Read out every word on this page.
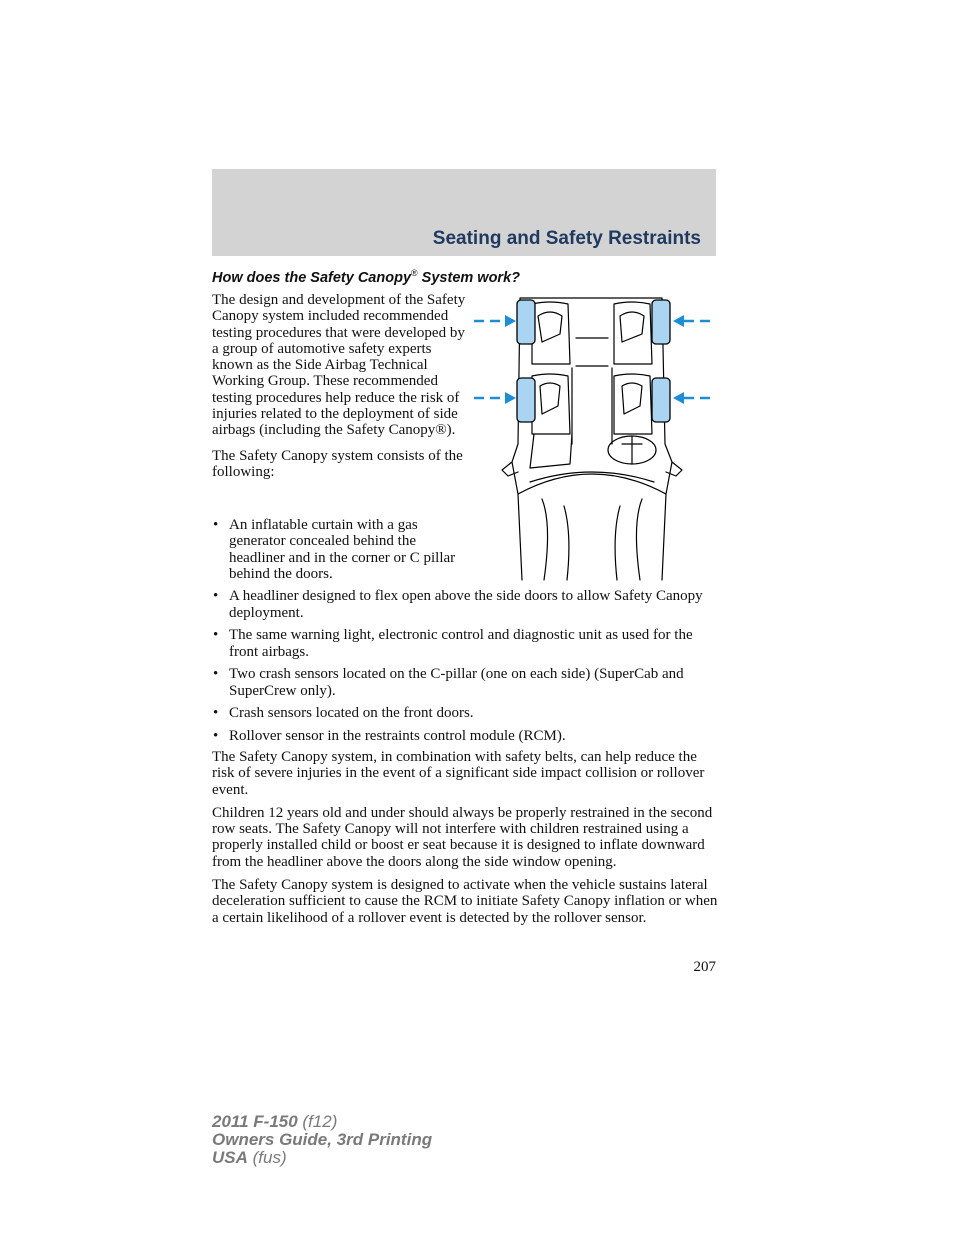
Seating and Safety Restraints
How does the Safety Canopy® System work?

The design and development of the Safety Canopy system included recommended testing procedures that were developed by a group of automotive safety experts known as the Side Airbag Technical Working Group. These recommended testing procedures help reduce the risk of injuries related to the deployment of side airbags (including the Safety Canopy®).

The Safety Canopy system consists of the following:

• An inflatable curtain with a gas generator concealed behind the headliner and in the corner or C pillar behind the doors.
• A headliner designed to flex open above the side doors to allow Safety Canopy deployment.
• The same warning light, electronic control and diagnostic unit as used for the front airbags.
• Two crash sensors located on the C-pillar (one on each side) (SuperCab and SuperCrew only).
• Crash sensors located on the front doors.
• Rollover sensor in the restraints control module (RCM).

The Safety Canopy system, in combination with safety belts, can help reduce the risk of severe injuries in the event of a significant side impact collision or rollover event.

Children 12 years old and under should always be properly restrained in the second row seats. The Safety Canopy will not interfere with children restrained using a properly installed child or boost er seat because it is designed to inflate downward from the headliner above the doors along the side window opening.

The Safety Canopy system is designed to activate when the vehicle sustains lateral deceleration sufficient to cause the RCM to initiate Safety Canopy inflation or when a certain likelihood of a rollover event is detected by the rollover sensor.

207
2011 F-150 (f12)
Owners Guide, 3rd Printing
USA (fus)
